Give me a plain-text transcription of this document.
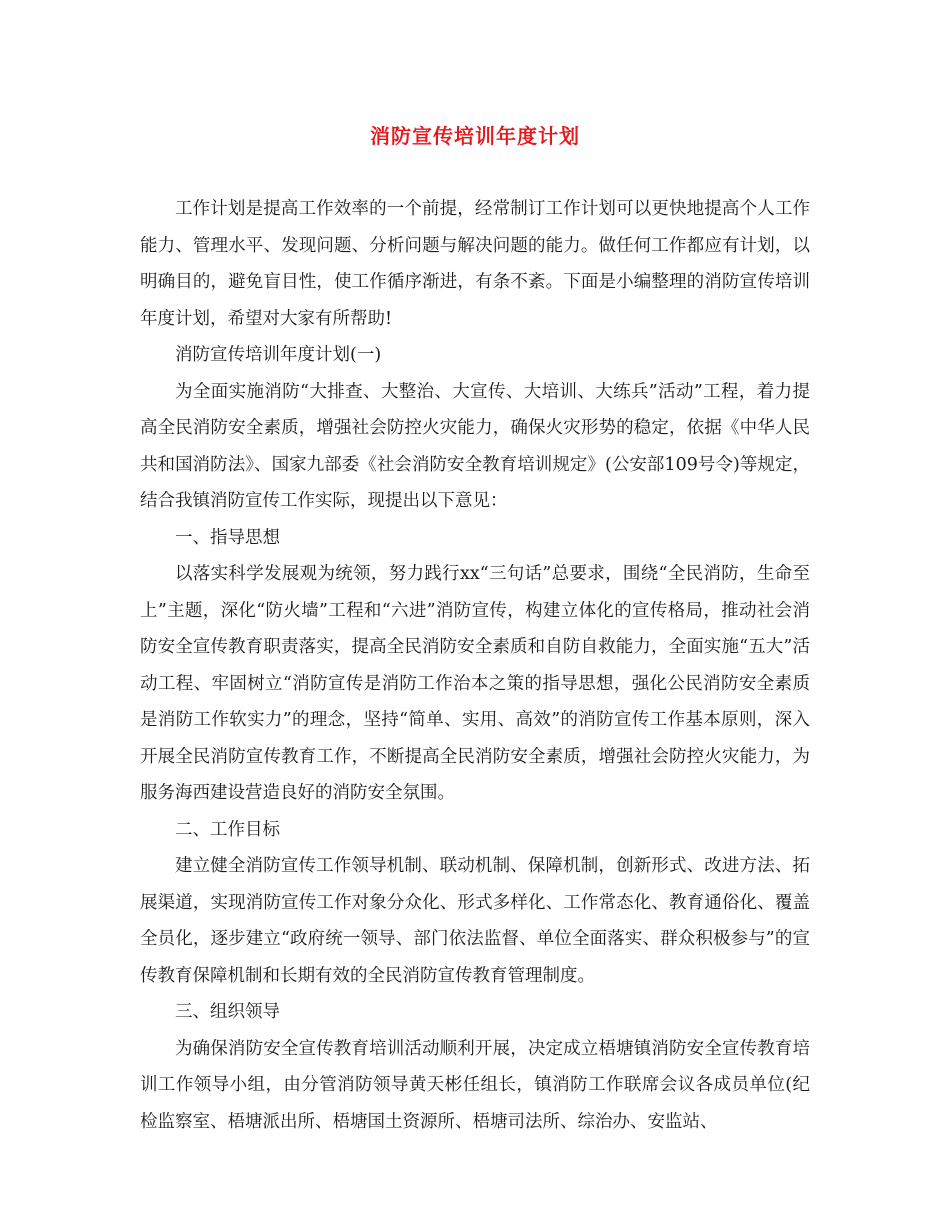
消防宣传培训年度计划

工作计划是提高工作效率的一个前提，经常制订工作计划可以更快地提高个人工作能力、管理水平、发现问题、分析问题与解决问题的能力。做任何工作都应有计划，以明确目的，避免盲目性，使工作循序渐进，有条不紊。下面是小编整理的消防宣传培训年度计划，希望对大家有所帮助!

消防宣传培训年度计划(一)

为全面实施消防“大排查、大整治、大宣传、大培训、大练兵”活动”工程，着力提高全民消防安全素质，增强社会防控火灾能力，确保火灾形势的稳定，依据《中华人民共和国消防法》、国家九部委《社会消防安全教育培训规定》(公安部109号令)等规定，结合我镇消防宣传工作实际，现提出以下意见：

一、指导思想

以落实科学发展观为统领，努力践行xx“三句话”总要求，围绕“全民消防，生命至上”主题，深化“防火墙”工程和“六进”消防宣传，构建立体化的宣传格局，推动社会消防安全宣传教育职责落实，提高全民消防安全素质和自防自救能力，全面实施“五大”活动工程、牢固树立“消防宣传是消防工作治本之策的指导思想，强化公民消防安全素质是消防工作软实力”的理念，坚持“简单、实用、高效”的消防宣传工作基本原则，深入开展全民消防宣传教育工作，不断提高全民消防安全素质，增强社会防控火灾能力，为服务海西建设营造良好的消防安全氛围。

二、工作目标

建立健全消防宣传工作领导机制、联动机制、保障机制，创新形式、改进方法、拓展渠道，实现消防宣传工作对象分众化、形式多样化、工作常态化、教育通俗化、覆盖全员化，逐步建立“政府统一领导、部门依法监督、单位全面落实、群众积极参与”的宣传教育保障机制和长期有效的全民消防宣传教育管理制度。

三、组织领导

为确保消防安全宣传教育培训活动顺利开展，决定成立梧塘镇消防安全宣传教育培训工作领导小组，由分管消防领导黄天彬任组长，镇消防工作联席会议各成员单位(纪检监察室、梧塘派出所、梧塘国土资源所、梧塘司法所、综治办、安监站、
